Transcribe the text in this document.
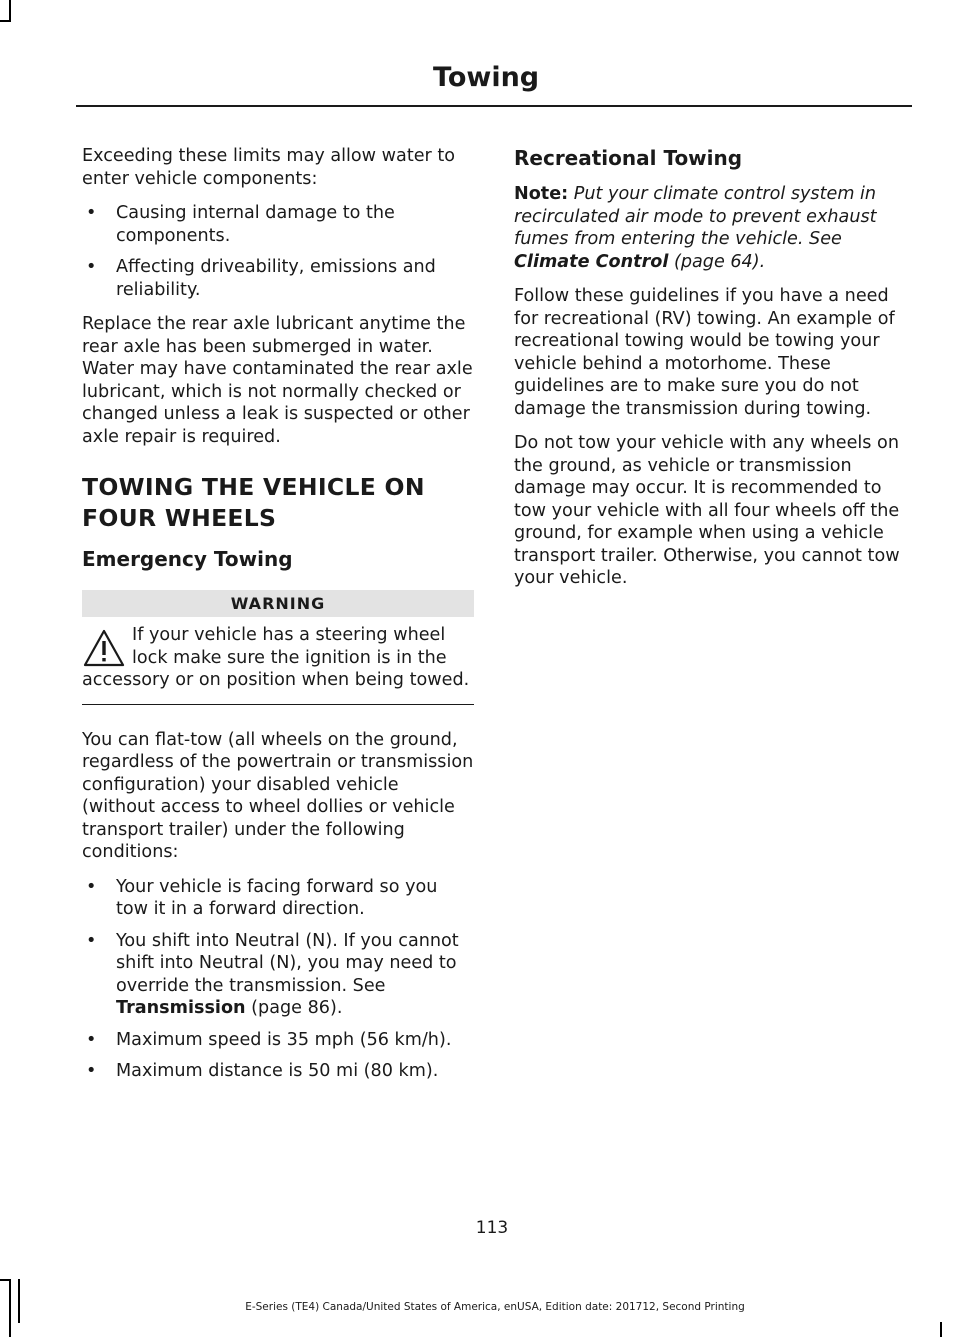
Towing

Exceeding these limits may allow water to enter vehicle components:

• Causing internal damage to the components.
• Affecting driveability, emissions and reliability.

Replace the rear axle lubricant anytime the rear axle has been submerged in water. Water may have contaminated the rear axle lubricant, which is not normally checked or changed unless a leak is suspected or other axle repair is required.

TOWING THE VEHICLE ON
FOUR WHEELS
Emergency Towing
WARNING
If your vehicle has a steering wheel lock make sure the ignition is in the accessory or on position when being towed.

You can flat-tow (all wheels on the ground, regardless of the powertrain or transmission configuration) your disabled vehicle (without access to wheel dollies or vehicle transport trailer) under the following conditions:

• Your vehicle is facing forward so you tow it in a forward direction.
• You shift into Neutral (N). If you cannot shift into Neutral (N), you may need to override the transmission. See Transmission (page 86).
• Maximum speed is 35 mph (56 km/h).
• Maximum distance is 50 mi (80 km).
Recreational Towing

Note: Put your climate control system in recirculated air mode to prevent exhaust fumes from entering the vehicle. See Climate Control (page 64).

Follow these guidelines if you have a need for recreational (RV) towing. An example of recreational towing would be towing your vehicle behind a motorhome. These guidelines are to make sure you do not damage the transmission during towing.

Do not tow your vehicle with any wheels on the ground, as vehicle or transmission damage may occur. It is recommended to tow your vehicle with all four wheels off the ground, for example when using a vehicle transport trailer. Otherwise, you cannot tow your vehicle.

113
E-Series (TE4) Canada/United States of America, enUSA, Edition date: 201712, Second Printing
